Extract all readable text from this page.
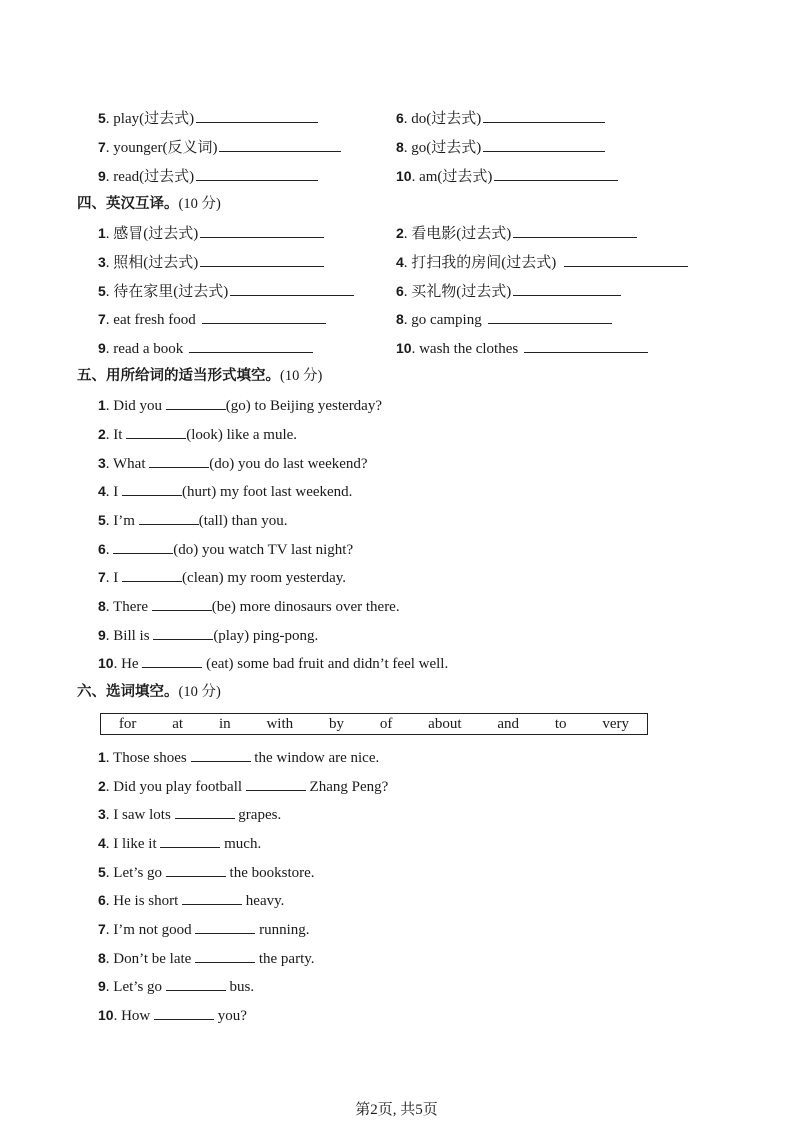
5. play(过去式)	6. do(过去式)
7. younger(反义词)	8. go(过去式)
9. read(过去式)	10. am(过去式)
四、英汉互译。(10 分)
1. 感冒(过去式)	2. 看电影(过去式)
3. 照相(过去式)	4. 打扫我的房间(过去式)
5. 待在家里(过去式)	6. 买礼物(过去式)
7. eat fresh food	8. go camping
9. read a book	10. wash the clothes
五、用所给词的适当形式填空。(10 分)
1. Did you	(go) to Beijing yesterday?
2. It	(look) like a mule.
3. What	(do) you do last weekend?
4. I	(hurt) my foot last weekend.
5. I’m	(tall) than you.
6.	(do) you watch TV last night?
7. I	(clean) my room yesterday.
8. There	(be) more dinosaurs over there.
9. Bill is	(play) ping-pong.
10. He	(eat) some bad fruit and didn’t feel well.
六、选词填空。(10 分)
for at in with by of about and to very
1. Those shoes	the window are nice.
2. Did you play football	Zhang Peng?
3. I saw lots	grapes.
4. I like it	much.
5. Let’s go	the bookstore.
6. He is short	heavy.
7. I’m not good	running.
8. Don’t be late	the party.
9. Let’s go	bus.
10. How	you?
第2页, 共5页
